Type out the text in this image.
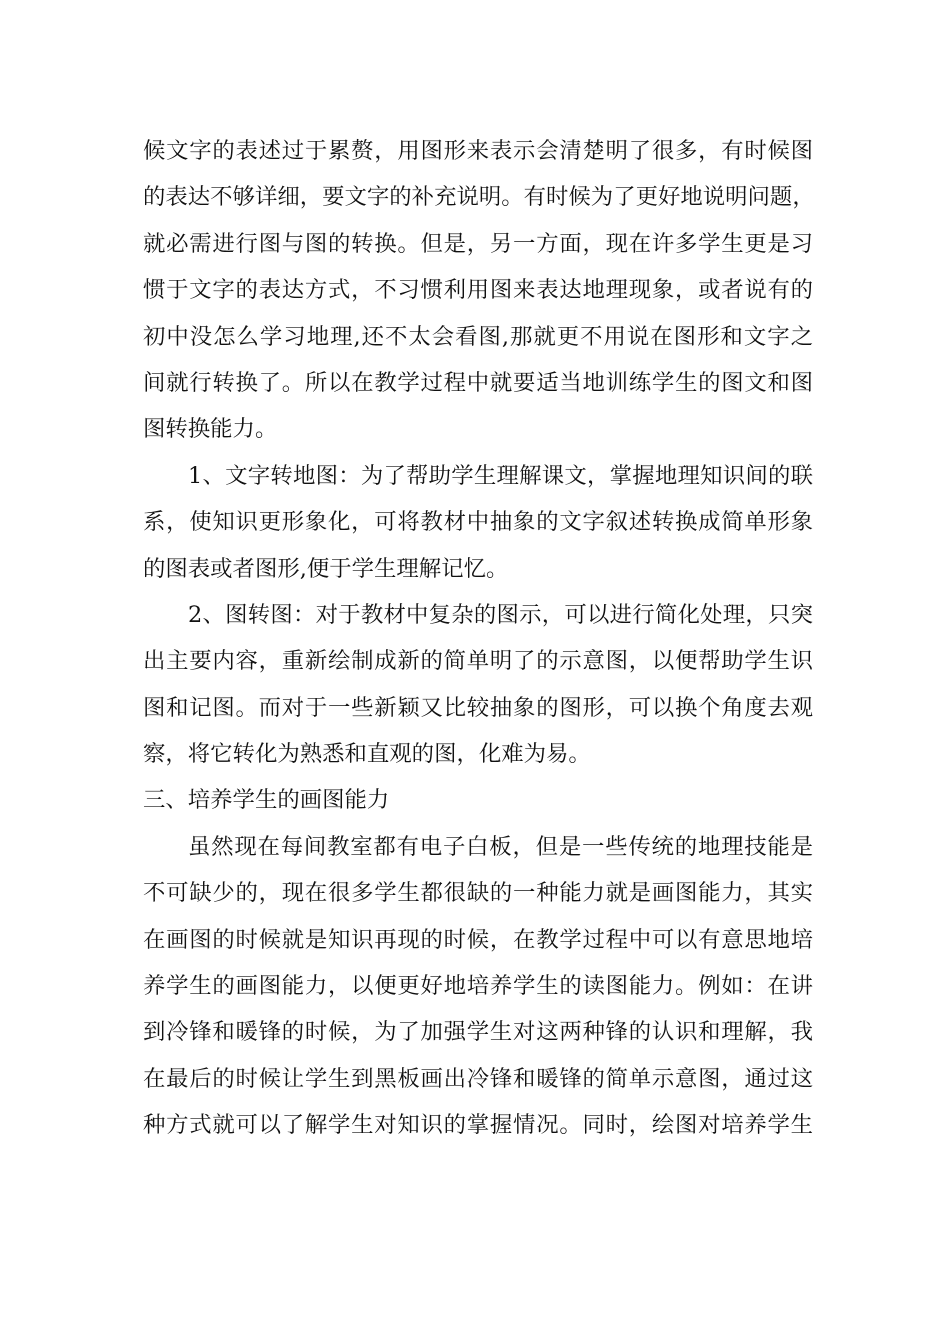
候文字的表述过于累赘，用图形来表示会清楚明了很多，有时候图
的表达不够详细，要文字的补充说明。有时候为了更好地说明问题，
就必需进行图与图的转换。但是，另一方面，现在许多学生更是习
惯于文字的表达方式，不习惯利用图来表达地理现象，或者说有的
初中没怎么学习地理,还不太会看图,那就更不用说在图形和文字之
间就行转换了。所以在教学过程中就要适当地训练学生的图文和图
图转换能力。
1、文字转地图：为了帮助学生理解课文，掌握地理知识间的联
系，使知识更形象化，可将教材中抽象的文字叙述转换成简单形象
的图表或者图形,便于学生理解记忆。
2、图转图：对于教材中复杂的图示，可以进行简化处理，只突
出主要内容，重新绘制成新的简单明了的示意图，以便帮助学生识
图和记图。而对于一些新颖又比较抽象的图形，可以换个角度去观
察，将它转化为熟悉和直观的图，化难为易。
三、培养学生的画图能力
虽然现在每间教室都有电子白板，但是一些传统的地理技能是
不可缺少的，现在很多学生都很缺的一种能力就是画图能力，其实
在画图的时候就是知识再现的时候，在教学过程中可以有意思地培
养学生的画图能力，以便更好地培养学生的读图能力。例如：在讲
到冷锋和暖锋的时候，为了加强学生对这两种锋的认识和理解，我
在最后的时候让学生到黑板画出冷锋和暖锋的简单示意图，通过这
种方式就可以了解学生对知识的掌握情况。同时，绘图对培养学生
